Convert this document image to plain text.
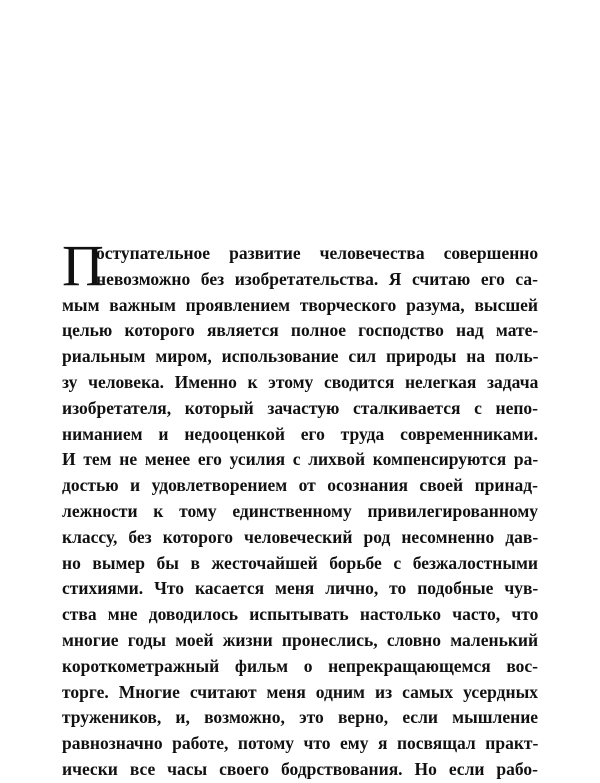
П
оступательное развитие человечества совершенно
невозможно без изобретательства. Я считаю его са-
мым важным проявлением творческого разума, высшей
целью которого является полное господство над мате-
риальным миром, использование сил природы на поль-
зу человека. Именно к этому сводится нелегкая задача
изобретателя, который зачастую сталкивается с непо-
ниманием и недооценкой его труда современниками.
И тем не менее его усилия с лихвой компенсируются ра-
достью и удовлетворением от осознания своей принад-
лежности к тому единственному привилегированному
классу, без которого человеческий род несомненно дав-
но вымер бы в жесточайшей борьбе с безжалостными
стихиями. Что касается меня лично, то подобные чув-
ства мне доводилось испытывать настолько часто, что
многие годы моей жизни пронеслись, словно маленький
короткометражный фильм о непрекращающемся вос-
торге. Многие считают меня одним из самых усердных
тружеников, и, возможно, это верно, если мышление
равнозначно работе, потому что ему я посвящал практ-
ически все часы своего бодрствования. Но если рабо-
